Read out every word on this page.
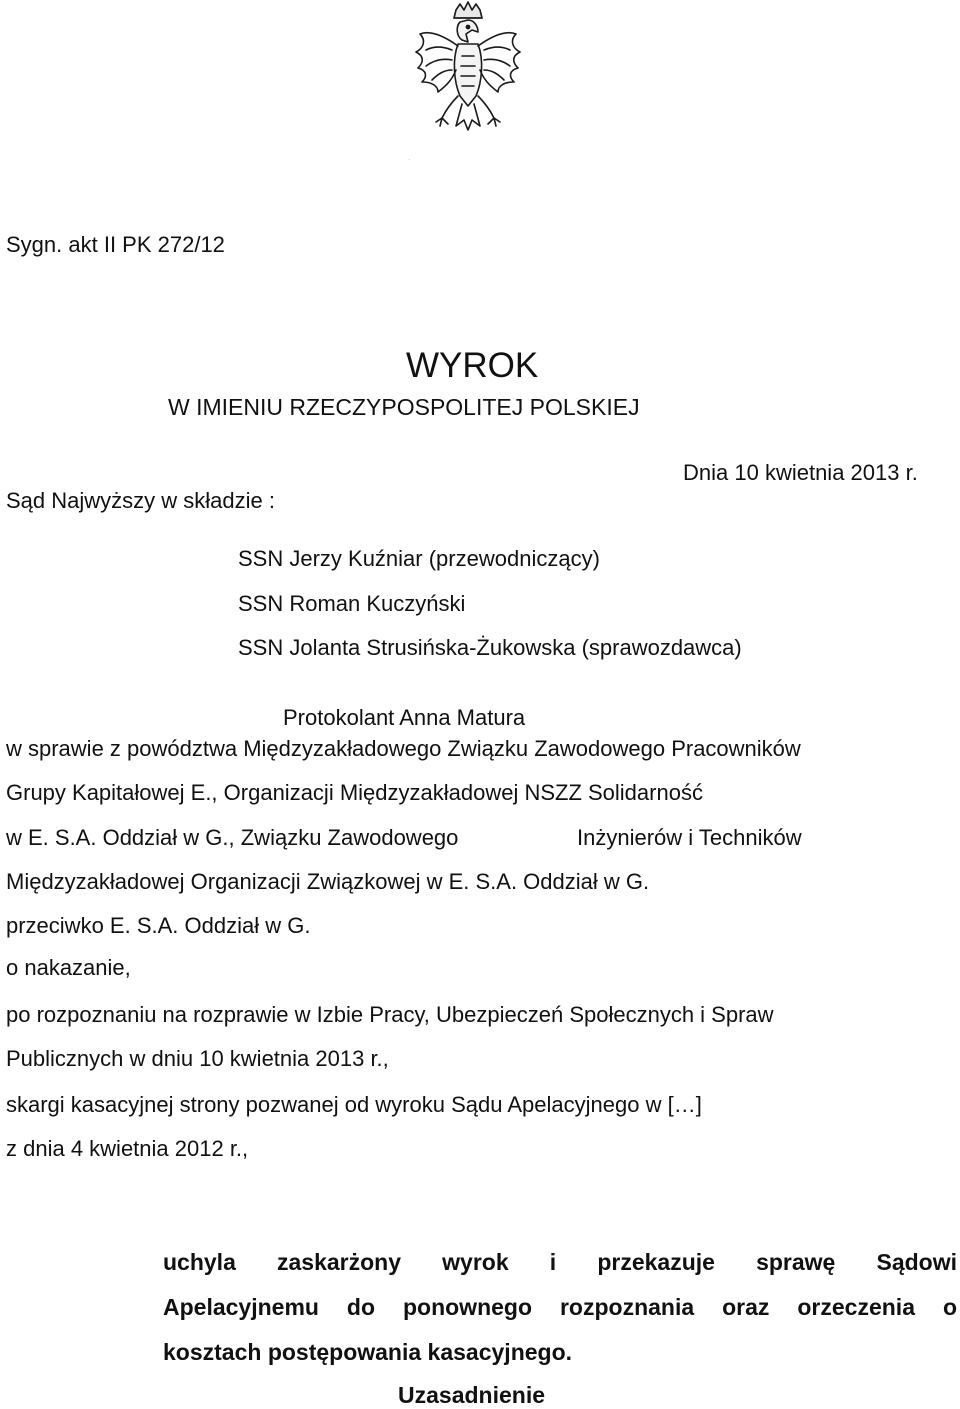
.
Sygn. akt II PK 272/12
WYROK
W IMIENIU RZECZYPOSPOLITEJ POLSKIEJ
Dnia 10 kwietnia 2013 r.
Sąd Najwyższy w składzie :
SSN Jerzy Kuźniar (przewodniczący)
SSN Roman Kuczyński
SSN Jolanta Strusińska-Żukowska (sprawozdawca)
Protokolant Anna Matura
w sprawie z powództwa Międzyzakładowego Związku Zawodowego Pracowników
Grupy Kapitałowej E., Organizacji Międzyzakładowej NSZZ Solidarność
w E. S.A. Oddział w G., Związku Zawodowego	Inżynierów i Techników
Międzyzakładowej Organizacji Związkowej w E. S.A. Oddział w G.
przeciwko E. S.A. Oddział w G.
o nakazanie,
po rozpoznaniu na rozprawie w Izbie Pracy, Ubezpieczeń Społecznych i Spraw
Publicznych w dniu 10 kwietnia 2013 r.,
skargi kasacyjnej strony pozwanej od wyroku Sądu Apelacyjnego w […]
z dnia 4 kwietnia 2012 r.,
uchyla zaskarżony wyrok i przekazuje sprawę Sądowi
Apelacyjnemu do ponownego rozpoznania oraz orzeczenia o
kosztach postępowania kasacyjnego.
Uzasadnienie
